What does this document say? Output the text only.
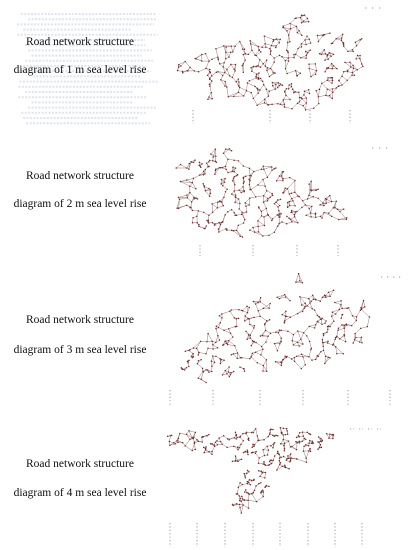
Road network structure
diagram of 1 m sea level rise
Road network structure
diagram of 2 m sea level rise
Road network structure
diagram of 3 m sea level rise
Road network structure
diagram of 4 m sea level rise
